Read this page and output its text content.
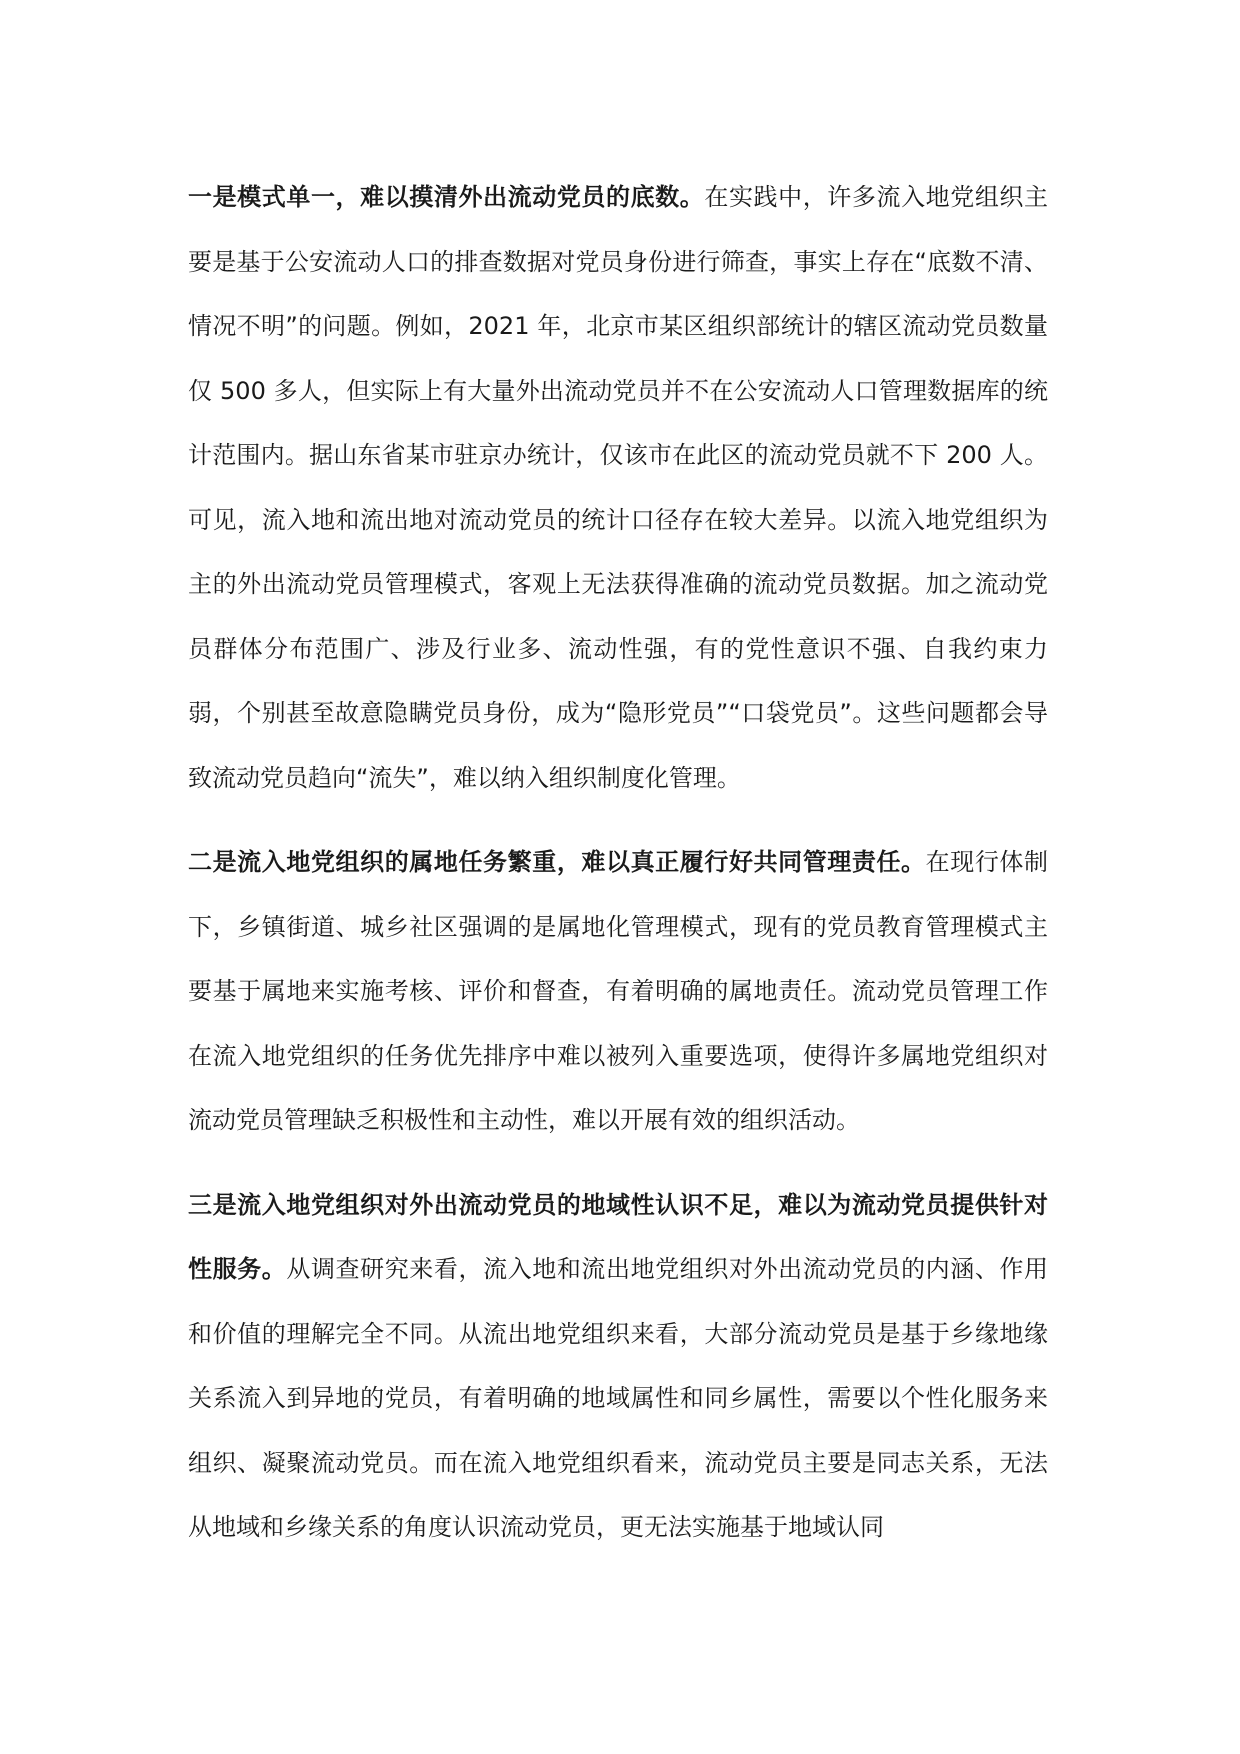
一是模式单一，难以摸清外出流动党员的底数。在实践中，许多流入地党组织主要是基于公安流动人口的排查数据对党员身份进行筛查，事实上存在“底数不清、情况不明”的问题。例如，2021 年，北京市某区组织部统计的辖区流动党员数量仅 500 多人，但实际上有大量外出流动党员并不在公安流动人口管理数据库的统计范围内。据山东省某市驻京办统计，仅该市在此区的流动党员就不下 200 人。可见，流入地和流出地对流动党员的统计口径存在较大差异。以流入地党组织为主的外出流动党员管理模式，客观上无法获得准确的流动党员数据。加之流动党员群体分布范围广、涉及行业多、流动性强，有的党性意识不强、自我约束力弱，个别甚至故意隐瞒党员身份，成为“隐形党员”“口袋党员”。这些问题都会导致流动党员趋向“流失”，难以纳入组织制度化管理。

二是流入地党组织的属地任务繁重，难以真正履行好共同管理责任。在现行体制下，乡镇街道、城乡社区强调的是属地化管理模式，现有的党员教育管理模式主要基于属地来实施考核、评价和督查，有着明确的属地责任。流动党员管理工作在流入地党组织的任务优先排序中难以被列入重要选项，使得许多属地党组织对流动党员管理缺乏积极性和主动性，难以开展有效的组织活动。

三是流入地党组织对外出流动党员的地域性认识不足，难以为流动党员提供针对性服务。从调查研究来看，流入地和流出地党组织对外出流动党员的内涵、作用和价值的理解完全不同。从流出地党组织来看，大部分流动党员是基于乡缘地缘关系流入到异地的党员，有着明确的地域属性和同乡属性，需要以个性化服务来组织、凝聚流动党员。而在流入地党组织看来，流动党员主要是同志关系，无法从地域和乡缘关系的角度认识流动党员，更无法实施基于地域认同
